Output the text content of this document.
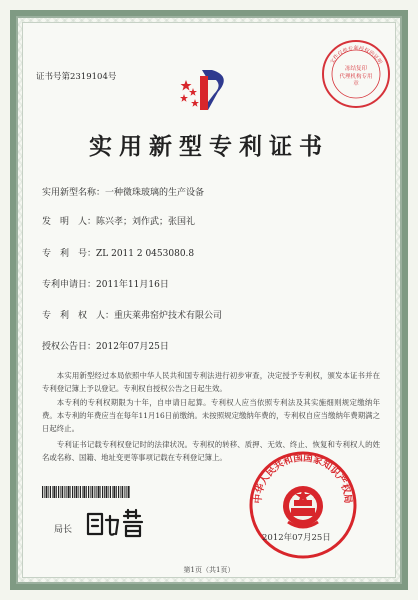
证书号第2319104号
冻结复印
代理机构专用
章
文件仅供专利授权的证明
实用新型专利证书
实用新型名称：一种微珠玻璃的生产设备
发　明　人：陈兴孝；刘作武；张国礼
专　利　号：ZL 2011 2 0453080.8
专利申请日：2011年11月16日
专　利　权　人：重庆莱弗窑炉技术有限公司
授权公告日：2012年07月25日
本实用新型经过本局依照中华人民共和国专利法进行初步审查，决定授予专利权，颁发本证书并在专利登记簿上予以登记。专利权自授权公告之日起生效。
本专利的专利权期限为十年，自申请日起算。专利权人应当依照专利法及其实施细则规定缴纳年费。本专利的年费应当在每年11月16日前缴纳。未按照规定缴纳年费的，专利权自应当缴纳年费期满之日起终止。
专利证书记载专利权登记时的法律状况。专利权的转移、质押、无效、终止、恢复和专利权人的姓名或名称、国籍、地址变更等事项记载在专利登记簿上。
局长
中华人民共和国国家知识产权局
2012年07月25日
第1页（共1页）
